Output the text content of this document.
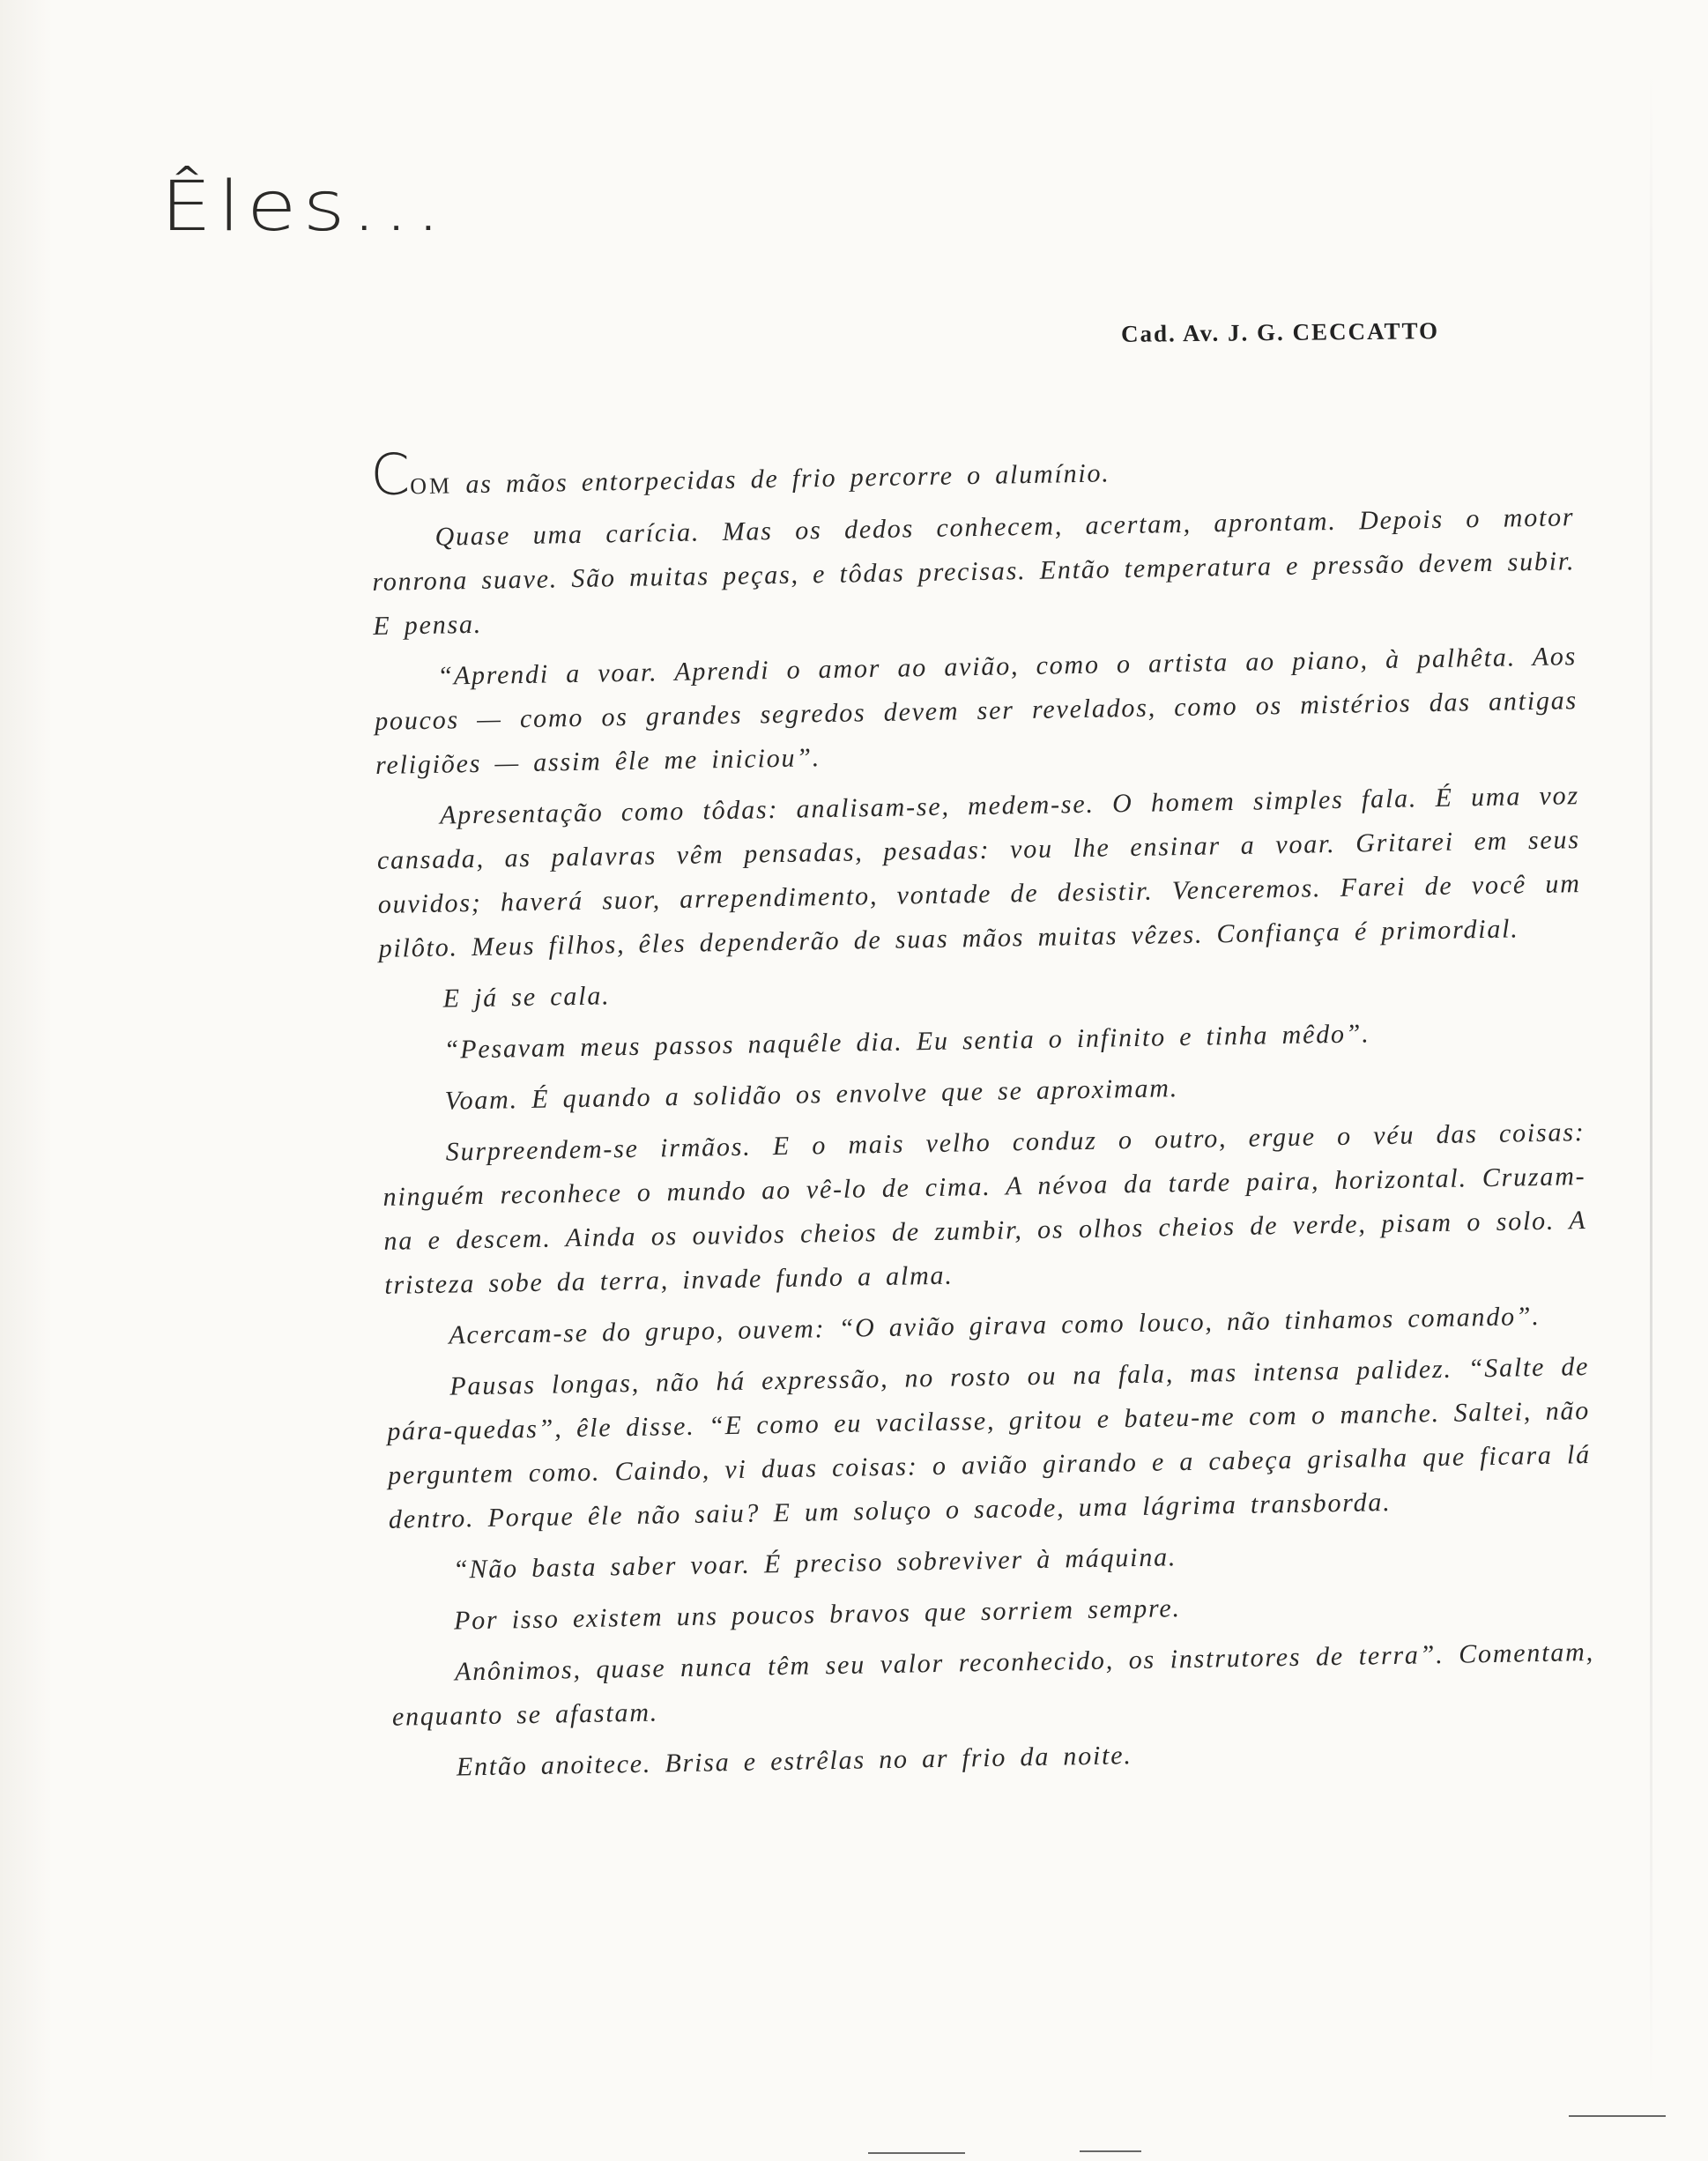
Êles...
Cad. Av. J. G. CECCATTO

COM as mãos entorpecidas de frio percorre o alumínio.

Quase uma carícia. Mas os dedos conhecem, acertam, aprontam. Depois o motor ronrona suave. São muitas peças, e tôdas precisas. Então temperatura e pressão devem subir. E pensa.

“Aprendi a voar. Aprendi o amor ao avião, como o artista ao piano, à palhêta. Aos poucos — como os grandes segredos devem ser revelados, como os mistérios das antigas religiões — assim êle me iniciou”.

Apresentação como tôdas: analisam-se, medem-se. O homem simples fala. É uma voz cansada, as palavras vêm pensadas, pesadas: vou lhe ensinar a voar. Gritarei em seus ouvidos; haverá suor, arrependimento, vontade de desistir. Venceremos. Farei de você um pilôto. Meus filhos, êles dependerão de suas mãos muitas vêzes. Confiança é primordial.

E já se cala.

“Pesavam meus passos naquêle dia. Eu sentia o infinito e tinha mêdo”.

Voam. É quando a solidão os envolve que se aproximam.

Surpreendem-se irmãos. E o mais velho conduz o outro, ergue o véu das coisas: ninguém reconhece o mundo ao vê-lo de cima. A névoa da tarde paira, horizontal. Cruzam-na e descem. Ainda os ouvidos cheios de zumbir, os olhos cheios de verde, pisam o solo. A tristeza sobe da terra, invade fundo a alma.

Acercam-se do grupo, ouvem: “O avião girava como louco, não tinhamos comando”.

Pausas longas, não há expressão, no rosto ou na fala, mas intensa palidez. “Salte de pára-quedas”, êle disse. “E como eu vacilasse, gritou e bateu-me com o manche. Saltei, não perguntem como. Caindo, vi duas coisas: o avião girando e a cabeça grisalha que ficara lá dentro. Porque êle não saiu? E um soluço o sacode, uma lágrima transborda.

“Não basta saber voar. É preciso sobreviver à máquina.

Por isso existem uns poucos bravos que sorriem sempre.

Anônimos, quase nunca têm seu valor reconhecido, os instrutores de terra”. Comentam, enquanto se afastam.

Então anoitece. Brisa e estrêlas no ar frio da noite.
